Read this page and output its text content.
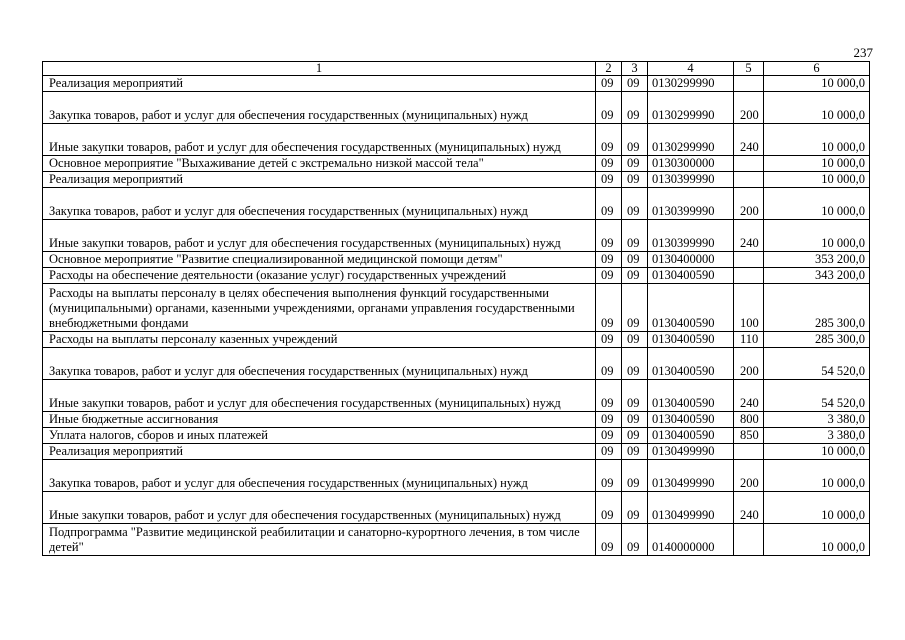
237
1	2	3	4	5	6
Реализация мероприятий	09	09	0130299990		10 000,0
Закупка товаров, работ и услуг для обеспечения государственных (муниципальных) нужд	09	09	0130299990	200	10 000,0
Иные закупки товаров, работ и услуг для обеспечения государственных (муниципальных) нужд	09	09	0130299990	240	10 000,0
Основное мероприятие "Выхаживание детей с экстремально низкой массой тела"	09	09	0130300000		10 000,0
Реализация мероприятий	09	09	0130399990		10 000,0
Закупка товаров, работ и услуг для обеспечения государственных (муниципальных) нужд	09	09	0130399990	200	10 000,0
Иные закупки товаров, работ и услуг для обеспечения государственных (муниципальных) нужд	09	09	0130399990	240	10 000,0
Основное мероприятие "Развитие специализированной медицинской помощи детям"	09	09	0130400000		353 200,0
Расходы на обеспечение деятельности (оказание услуг) государственных учреждений	09	09	0130400590		343 200,0
Расходы на выплаты персоналу в целях обеспечения выполнения функций государственными (муниципальными) органами, казенными учреждениями, органами управления государственными внебюджетными фондами	09	09	0130400590	100	285 300,0
Расходы на выплаты персоналу казенных учреждений	09	09	0130400590	110	285 300,0
Закупка товаров, работ и услуг для обеспечения государственных (муниципальных) нужд	09	09	0130400590	200	54 520,0
Иные закупки товаров, работ и услуг для обеспечения государственных (муниципальных) нужд	09	09	0130400590	240	54 520,0
Иные бюджетные ассигнования	09	09	0130400590	800	3 380,0
Уплата налогов, сборов и иных платежей	09	09	0130400590	850	3 380,0
Реализация мероприятий	09	09	0130499990		10 000,0
Закупка товаров, работ и услуг для обеспечения государственных (муниципальных) нужд	09	09	0130499990	200	10 000,0
Иные закупки товаров, работ и услуг для обеспечения государственных (муниципальных) нужд	09	09	0130499990	240	10 000,0
Подпрограмма "Развитие медицинской реабилитации и санаторно-курортного лечения, в том числе детей"	09	09	0140000000		10 000,0
